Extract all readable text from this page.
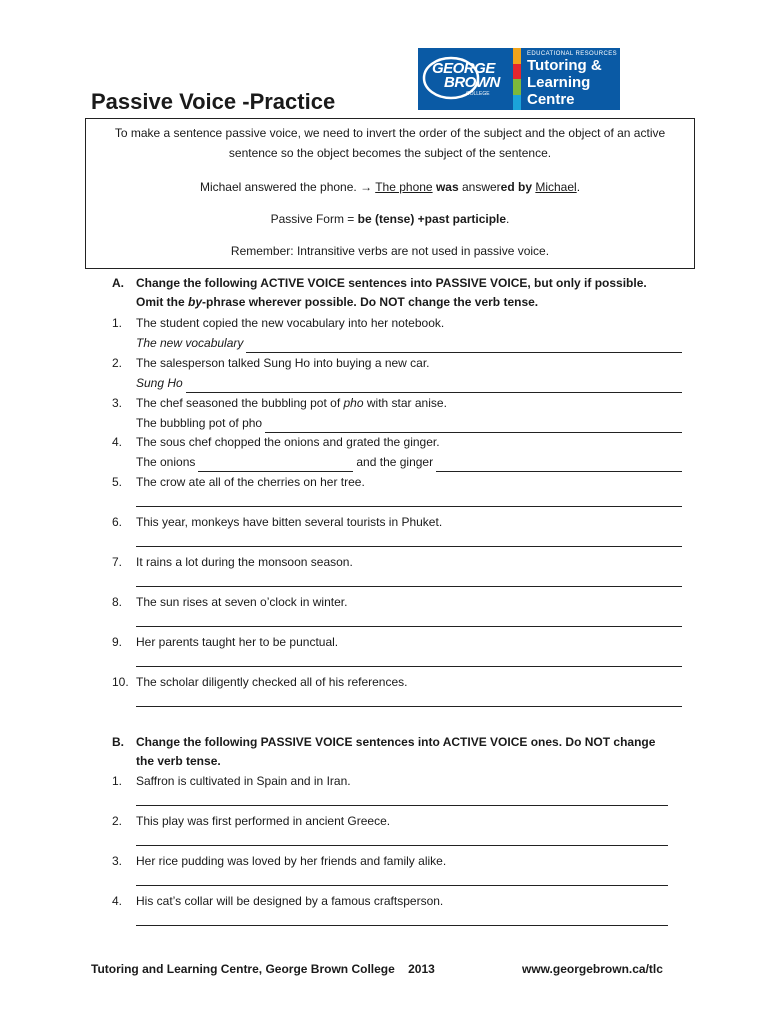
Passive Voice -Practice
GEORGE
BROWN
COLLEGE
EDUCATIONAL RESOURCES
Tutoring &
Learning Centre

To make a sentence passive voice, we need to invert the order of the subject and the object of an active sentence so the object becomes the subject of the sentence.

Michael answered the phone. → The phone was answered by Michael.

Passive Form = be (tense) +past participle.

Remember: Intransitive verbs are not used in passive voice.

A. Change the following ACTIVE VOICE sentences into PASSIVE VOICE, but only if possible. Omit the by-phrase wherever possible. Do NOT change the verb tense.
1.	The student copied the new vocabulary into her notebook.
The new vocabulary
2.	The salesperson talked Sung Ho into buying a new car.
Sung Ho
3.	The chef seasoned the bubbling pot of pho with star anise.
The bubbling pot of pho
4.	The sous chef chopped the onions and grated the ginger.
The onions	and the ginger
5.	The crow ate all of the cherries on her tree.
6.	This year, monkeys have bitten several tourists in Phuket.
7.	It rains a lot during the monsoon season.
8.	The sun rises at seven o’clock in winter.
9.	Her parents taught her to be punctual.
10. The scholar diligently checked all of his references.
B. Change the following PASSIVE VOICE sentences into ACTIVE VOICE ones. Do NOT change the verb tense.
1.	Saffron is cultivated in Spain and in Iran.
2.	This play was first performed in ancient Greece.
3.	Her rice pudding was loved by her friends and family alike.
4.	His cat’s collar will be designed by a famous craftsperson.
Tutoring and Learning Centre, George Brown College    2013	www.georgebrown.ca/tlc
